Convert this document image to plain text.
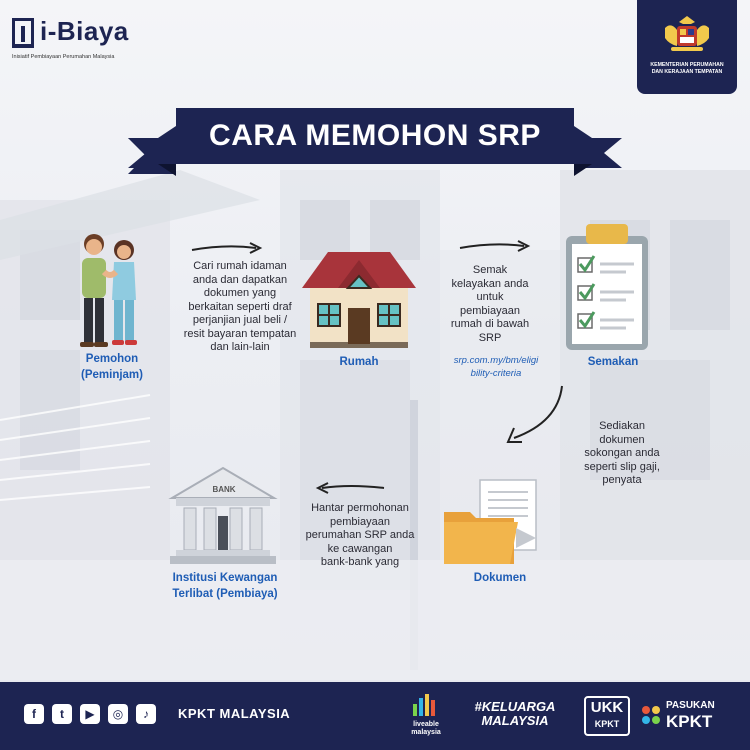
i-Biaya
Inisiatif Pembiayaan Perumahan Malaysia
KEMENTERIAN PERUMAHAN
DAN KERAJAAN TEMPATAN
CARA MEMOHON SRP
Pemohon
(Peminjam)
Cari rumah idaman
anda dan dapatkan
dokumen yang
berkaitan seperti draf
perjanjian jual beli /
resit bayaran tempatan
dan lain-lain
Rumah
Semak
kelayakan anda
untuk
pembiayaan
rumah di bawah
SRP
srp.com.my/bm/eligi
bility-criteria
Semakan
Sediakan
dokumen
sokongan anda
seperti slip gaji,
penyata
Dokumen
Hantar permohonan
pembiayaan
perumahan SRP anda
ke cawangan
bank-bank yang
BANK
Institusi Kewangan
Terlibat (Pembiaya)
f	t	▶	◎	♪	KPKT MALAYSIA
liveable
malaysia
#KELUARGA
MALAYSIA
UKK
KPKT
PASUKAN
KPKT
